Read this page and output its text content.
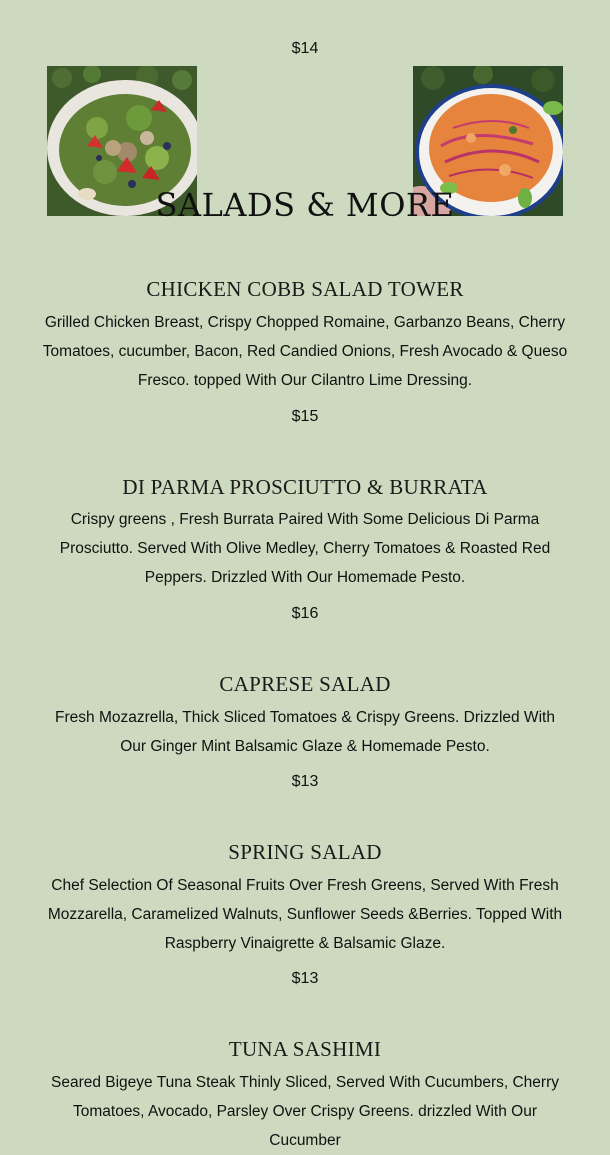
$14
SALADS & MORE
CHICKEN COBB SALAD TOWER
Grilled Chicken Breast, Crispy Chopped Romaine, Garbanzo Beans, Cherry Tomatoes, cucumber, Bacon, Red Candied Onions, Fresh Avocado & Queso Fresco. topped With Our Cilantro Lime Dressing.
$15
DI PARMA PROSCIUTTO & BURRATA
Crispy greens , Fresh Burrata Paired With Some Delicious Di Parma Prosciutto. Served With Olive Medley, Cherry Tomatoes & Roasted Red Peppers. Drizzled With Our Homemade Pesto.
$16
CAPRESE SALAD
Fresh Mozazrella, Thick Sliced Tomatoes & Crispy Greens. Drizzled With Our Ginger Mint Balsamic Glaze & Homemade Pesto.
$13
SPRING SALAD
Chef Selection Of Seasonal Fruits Over Fresh Greens, Served With Fresh Mozzarella, Caramelized Walnuts, Sunflower Seeds &Berries. Topped With Raspberry Vinaigrette & Balsamic Glaze.
$13
TUNA SASHIMI
Seared Bigeye Tuna Steak Thinly Sliced, Served With Cucumbers, Cherry Tomatoes, Avocado, Parsley Over Crispy Greens. drizzled With Our Cucumber
